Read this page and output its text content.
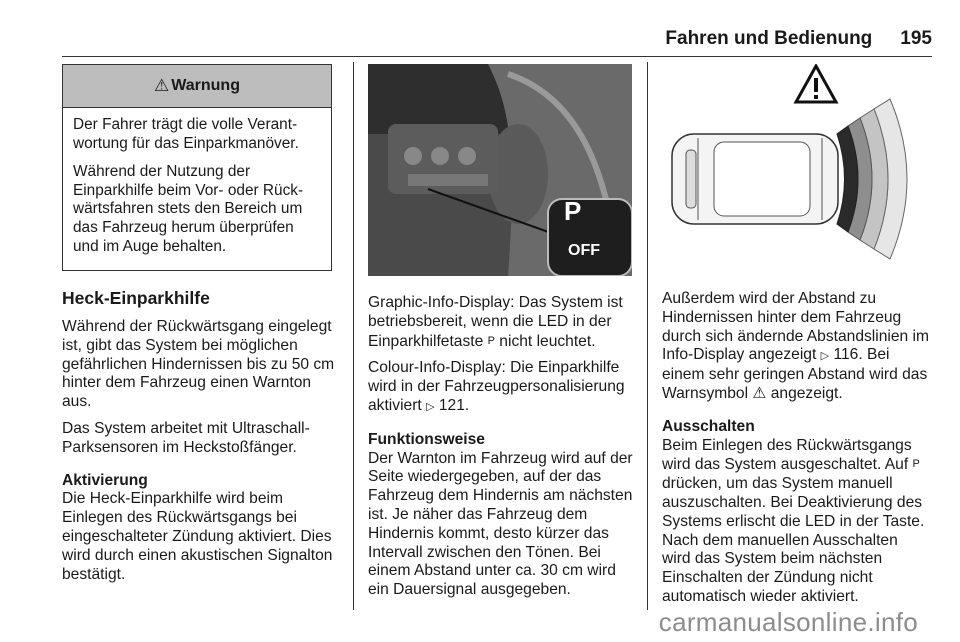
Fahren und Bedienung 195
⚠ Warnung

Der Fahrer trägt die volle Verantwortung für das Einparkmanöver.

Während der Nutzung der Einparkhilfe beim Vor- oder Rückwärtsfahren stets den Bereich um das Fahrzeug herum überprüfen und im Auge behalten.

Heck-Einparkhilfe

Während der Rückwärtsgang eingelegt ist, gibt das System bei möglichen gefährlichen Hindernissen bis zu 50 cm hinter dem Fahrzeug einen Warnton aus.

Das System arbeitet mit Ultraschall-Parksensoren im Heckstoßfänger.

Aktivierung

Die Heck-Einparkhilfe wird beim Einlegen des Rückwärtsgangs bei eingeschalteter Zündung aktiviert. Dies wird durch einen akustischen Signalton bestätigt.

P
OFF

Graphic-Info-Display: Das System ist betriebsbereit, wenn die LED in der Einparkhilfetaste P nicht leuchtet.

Colour-Info-Display: Die Einparkhilfe wird in der Fahrzeugpersonalisierung aktiviert ▷ 121.

Funktionsweise

Der Warnton im Fahrzeug wird auf der Seite wiedergegeben, auf der das Fahrzeug dem Hindernis am nächsten ist. Je näher das Fahrzeug dem Hindernis kommt, desto kürzer das Intervall zwischen den Tönen. Bei einem Abstand unter ca. 30 cm wird ein Dauersignal ausgegeben.

Außerdem wird der Abstand zu Hindernissen hinter dem Fahrzeug durch sich ändernde Abstandslinien im Info-Display angezeigt ▷ 116. Bei einem sehr geringen Abstand wird das Warnsymbol ⚠ angezeigt.

Ausschalten

Beim Einlegen des Rückwärtsgangs wird das System ausgeschaltet. Auf P drücken, um das System manuell auszuschalten. Bei Deaktivierung des Systems erlischt die LED in der Taste. Nach dem manuellen Ausschalten wird das System beim nächsten Einschalten der Zündung nicht automatisch wieder aktiviert.

carmanualsonline.info
